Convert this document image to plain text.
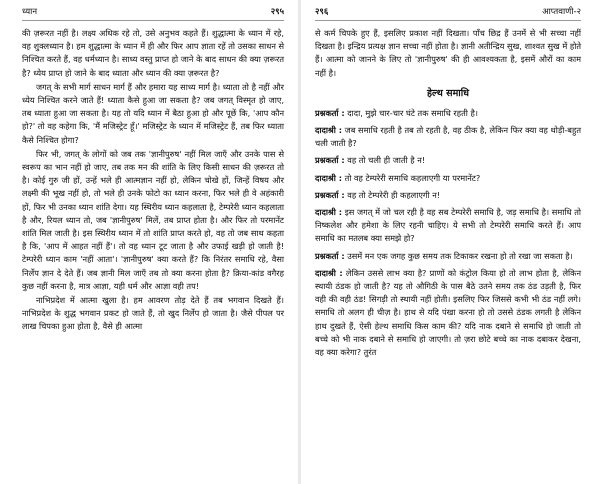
ध्यान	२९५

की ज़रूरत नहीं है। लक्ष्य अधिक रहे तो, उसे अनुभव कहते हैं। शुद्धात्मा के ध्यान में रहे, वह शुक्लध्यान है। हम शुद्धात्मा के ध्यान में ही और फिर आप ज्ञाता रहें तो उसका साधन से निश्चित करते हैं, वह धर्मध्यान है। साध्य वस्तु प्राप्त हो जाने के बाद साधन की क्या ज़रूरत है? ध्येय प्राप्त हो जाने के बाद ध्याता और ध्यान की क्या ज़रूरत है?

जगत् के सभी मार्ग साधन मार्ग हैं और हमारा यह साध्य मार्ग है। ध्याता तो है नहीं और ध्येय निश्चित करने जाते हैं! ध्याता कैसे हुआ जा सकता है? जब जगत् विस्मृत हो जाए, तब ध्याता हुआ जा सकता है। यह तो यदि ध्यान में बैठा हुआ हो और पूछें कि, 'आप कौन हो?' तो वह कहेगा कि, 'मैं मजिस्ट्रेट हूँ।' मजिस्ट्रेट के ध्यान में मजिस्ट्रेट हैं, तब फिर ध्याता कैसे निश्चित होगा?

फिर भी, जगत् के लोगों को जब तक 'ज्ञानीपुरुष' नहीं मिल जाएँ और उनके पास से स्वरूप का भान नहीं हो जाए, तब तक मन की शांति के लिए किसी साधन की ज़रूरत तो है। कोई गुरु जी हों, उन्हें भले ही आत्मज्ञान नहीं हो, लेकिन चोखे हों, जिन्हें विषय और लक्ष्मी की भूख नहीं हो, तो भले ही उनके फोटो का ध्यान करना, फिर भले ही वे अहंकारी हों, फिर भी उनका ध्यान शांति देगा। यह स्थिरीय ध्यान कहलाता है, टेम्परेरी ध्यान कहलाता है और, रियल ध्यान तो, जब 'ज्ञानीपुरुष' मिलें, तब प्राप्त होता है। और फिर तो परमानेंट शांति मिल जाती है। इस स्थिरीय ध्यान में तो शांति प्राप्त करते हो, वह तो जब साथ कहता है कि, 'आप में आहत नहीं हैं'। तो वह ध्यान टूट जाता है और उफाई खड़ी हो जाती है! टेम्परेरी ध्यान काम 'नहीं आता'। 'ज्ञानीपुरुष' क्या करते हैं? कि निरंतर समाधि रहे, वैसा निर्लेप ज्ञान दे देते हैं। जब ज्ञानी मिल जाएँ तब तो क्या करना होता है? क्रिया-कांड वगैरह कुछ नहीं करना है, मात्र आज्ञा, यही धर्म और आज्ञा वही तप!

नाभिप्रदेश में आत्मा खुला है। हम आवरण तोड़ देते हैं तब भगवान दिखते हैं। नाभिप्रदेश के शुद्ध भगवान प्रकट हो जाते हैं, तो खुद निर्लेप हो जाता है। जैसे पीपल पर लाख चिपका हुआ होता है, वैसे ही आत्मा

२९६	आप्तवाणी-२

से कर्म चिपके हुए हैं, इसलिए प्रकाश नहीं दिखता। पाँच छिद्र हैं उनमें से भी सच्चा नहीं दिखता है। इन्द्रिय प्रत्यक्ष ज्ञान सच्चा नहीं होता है। ज्ञानी अतीन्द्रिय सुख, शाश्वत सुख में होते हैं। आत्मा को जानने के लिए तो 'ज्ञानीपुरुष' की ही आवश्यकता है, इसमें औरों का काम नहीं है।

हेल्थ समाधि

प्रश्नकर्ता : दादा, मुझे चार-चार घंटे तक समाधि रहती है।

दादाश्री : जब समाधि रहती है तब तो रहती है, वह ठीक है, लेकिन फिर क्या वह थोड़ी-बहुत चली जाती है?

प्रश्नकर्ता : वह तो चली ही जाती है न!

दादाश्री : तो वह टेम्परेरी समाधि कहलाएगी या परमानेंट?

प्रश्नकर्ता : वह तो टेम्परेरी ही कहलाएगी न!

दादाश्री : इस जगत् में जो चल रही है वह सब टेम्परेरी समाधि है, जड़ समाधि है। समाधि तो निष्कलेश और हमेशा के लिए रहनी चाहिए। ये सभी तो टेम्परेरी समाधि करते हैं। आप समाधि का मतलब क्या समझे हो?

प्रश्नकर्ता : उसमें मन एक जगह कुछ समय तक टिकाकर रखना हो तो रखा जा सकता है।

दादाश्री : लेकिन उससे लाभ क्या है? प्राणों को कंट्रोल किया हो तो लाभ होता है, लेकिन स्थायी ठंडक हो जाती है? यह तो औगिठी के पास बैठे उतने समय तक ठंड उड़ती है, फिर वही की वही ठंड! सिगड़ी तो स्थायी नहीं होती। इसलिए फिर जिससे कभी भी ठंड नहीं लगे। समाधि तो अलग ही चीज़ है। हाथ से यदि पंखा करना हो तो उससे ठंडक लगती है लेकिन हाथ दुखते हैं, ऐसी हेल्थ समाधि किस काम की? यदि नाक दबाने से समाधि हो जाती तो बच्चे को भी नाक दबाने से समाधि हो जाएगी। तो ज़रा छोटे बच्चे का नाक दबाकर देखना, वह क्या करेगा? तुरंत
